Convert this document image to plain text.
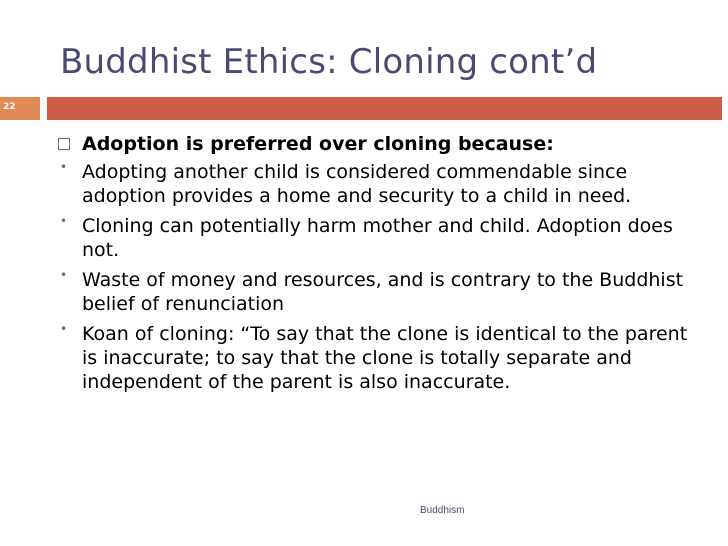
Buddhist Ethics: Cloning cont’d
22
Adoption is preferred over cloning because:
• Adopting another child is considered commendable since adoption provides a home and security to a child in need.
• Cloning can potentially harm mother and child. Adoption does not.
• Waste of money and resources, and is contrary to the Buddhist belief of renunciation
• Koan of cloning: “To say that the clone is identical to the parent is inaccurate; to say that the clone is totally separate and independent of the parent is also inaccurate.
Buddhism
